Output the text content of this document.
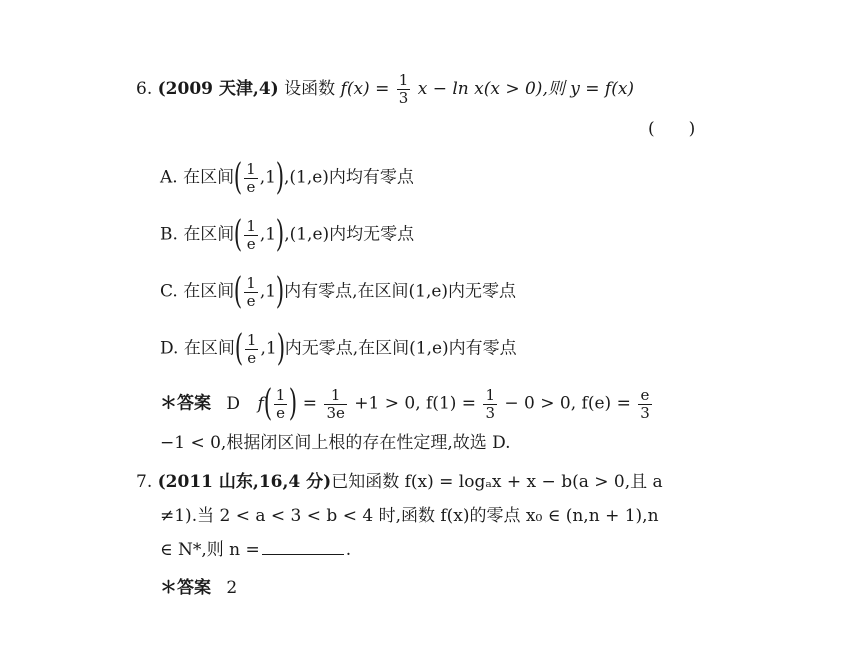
6. (2009 天津,4) 设函数 $f(x) = \frac{1}{3}$ x − ln x(x > 0),则 y = f(x)
(　　)
A. 在区间( $\frac{1}{e} ,1),(1,e)$内均有零点
B. 在区间( $\frac{1}{e} ,1),(1,e)$内均无零点
C. 在区间( $\frac{1}{e} ,1$)内有零点,在区间(1,e)内无零点
D. 在区间( $\frac{1}{e} ,1$)内无零点,在区间(1,e)内有零点
＊答案 D $f( \frac{1}{e}$ ) = $\frac{1}{3e} +1 > 0$, $f(1) = \frac{1}{3} - 0 > 0$, $f(e) = \frac{e}{3}$
−1 < 0,根据闭区间上根的存在性定理,故选 D.
7. (2011 山东,16,4 分)已知函数 f(x) = logₐx + x − b(a > 0,且 a
≠1).当 2 < a < 3 < b < 4 时,函数 f(x)的零点 x₀ ∈ (n,n + 1),n
∈ N*,则 n =	.
＊答案 2
